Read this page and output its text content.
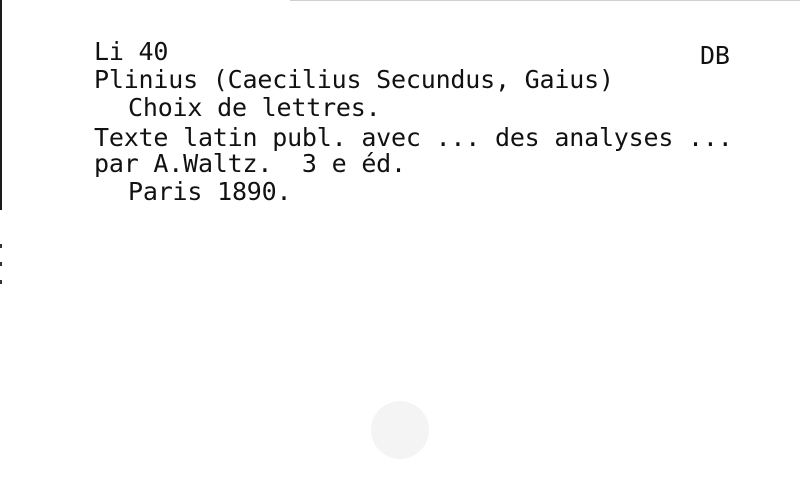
Li 40	DB
Plinius (Caecilius Secundus, Gaius)
Choix de lettres.
Texte latin publ. avec ... des analyses ...
par A.Waltz.  3 e éd.
Paris 1890.
